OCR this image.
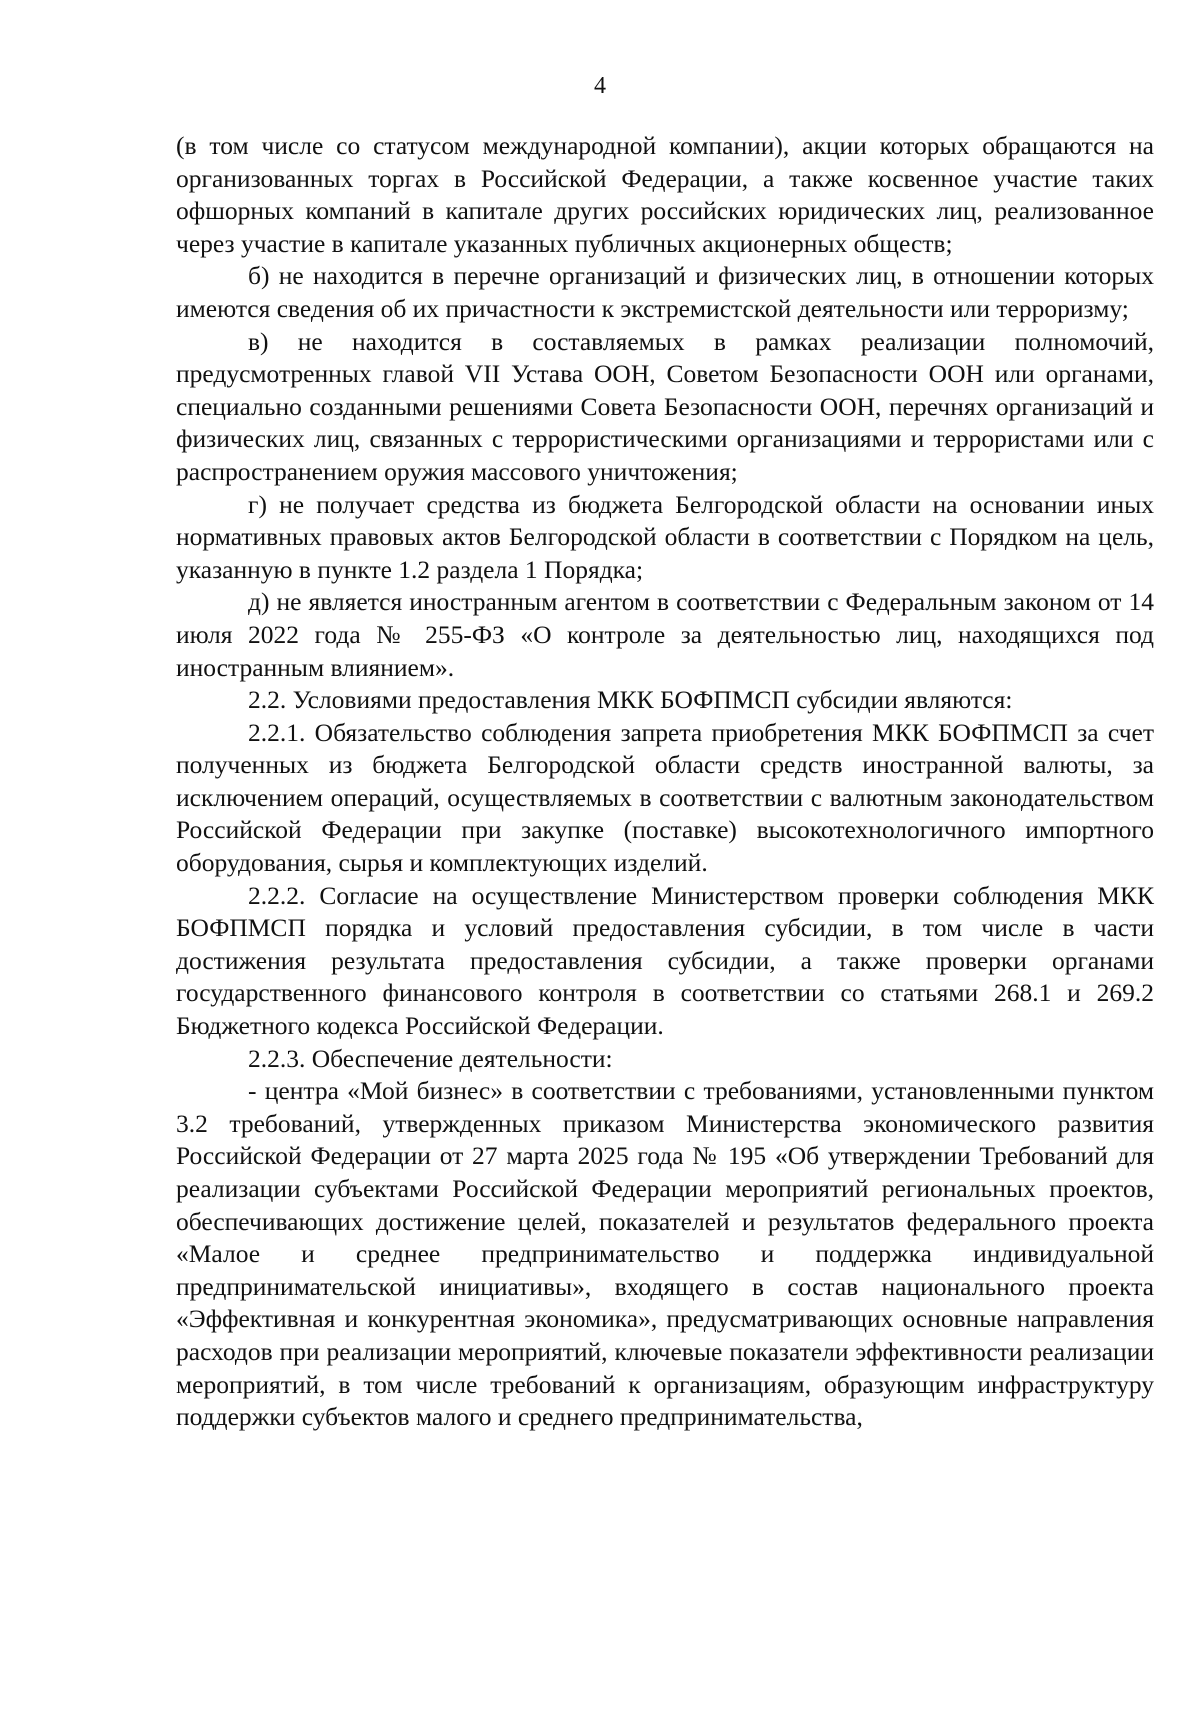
4

(в том числе со статусом международной компании), акции которых обращаются на организованных торгах в Российской Федерации, а также косвенное участие таких офшорных компаний в капитале других российских юридических лиц, реализованное через участие в капитале указанных публичных акционерных обществ;

б) не находится в перечне организаций и физических лиц, в отношении которых имеются сведения об их причастности к экстремистской деятельности или терроризму;

в) не находится в составляемых в рамках реализации полномочий, предусмотренных главой VII Устава ООН, Советом Безопасности ООН или органами, специально созданными решениями Совета Безопасности ООН, перечнях организаций и физических лиц, связанных с террористическими организациями и террористами или с распространением оружия массового уничтожения;

г) не получает средства из бюджета Белгородской области на основании иных нормативных правовых актов Белгородской области в соответствии с Порядком на цель, указанную в пункте 1.2 раздела 1 Порядка;

д) не является иностранным агентом в соответствии с Федеральным законом от 14 июля 2022 года № 255-ФЗ «О контроле за деятельностью лиц, находящихся под иностранным влиянием».

2.2. Условиями предоставления МКК БОФПМСП субсидии являются:

2.2.1. Обязательство соблюдения запрета приобретения МКК БОФПМСП за счет полученных из бюджета Белгородской области средств иностранной валюты, за исключением операций, осуществляемых в соответствии с валютным законодательством Российской Федерации при закупке (поставке) высокотехнологичного импортного оборудования, сырья и комплектующих изделий.

2.2.2. Согласие на осуществление Министерством проверки соблюдения МКК БОФПМСП порядка и условий предоставления субсидии, в том числе в части достижения результата предоставления субсидии, а также проверки органами государственного финансового контроля в соответствии со статьями 268.1 и 269.2 Бюджетного кодекса Российской Федерации.

2.2.3. Обеспечение деятельности:

- центра «Мой бизнес» в соответствии с требованиями, установленными пунктом 3.2 требований, утвержденных приказом Министерства экономического развития Российской Федерации от 27 марта 2025 года № 195 «Об утверждении Требований для реализации субъектами Российской Федерации мероприятий региональных проектов, обеспечивающих достижение целей, показателей и результатов федерального проекта «Малое и среднее предпринимательство и поддержка индивидуальной предпринимательской инициативы», входящего в состав национального проекта «Эффективная и конкурентная экономика», предусматривающих основные направления расходов при реализации мероприятий, ключевые показатели эффективности реализации мероприятий, в том числе требований к организациям, образующим инфраструктуру поддержки субъектов малого и среднего предпринимательства,
